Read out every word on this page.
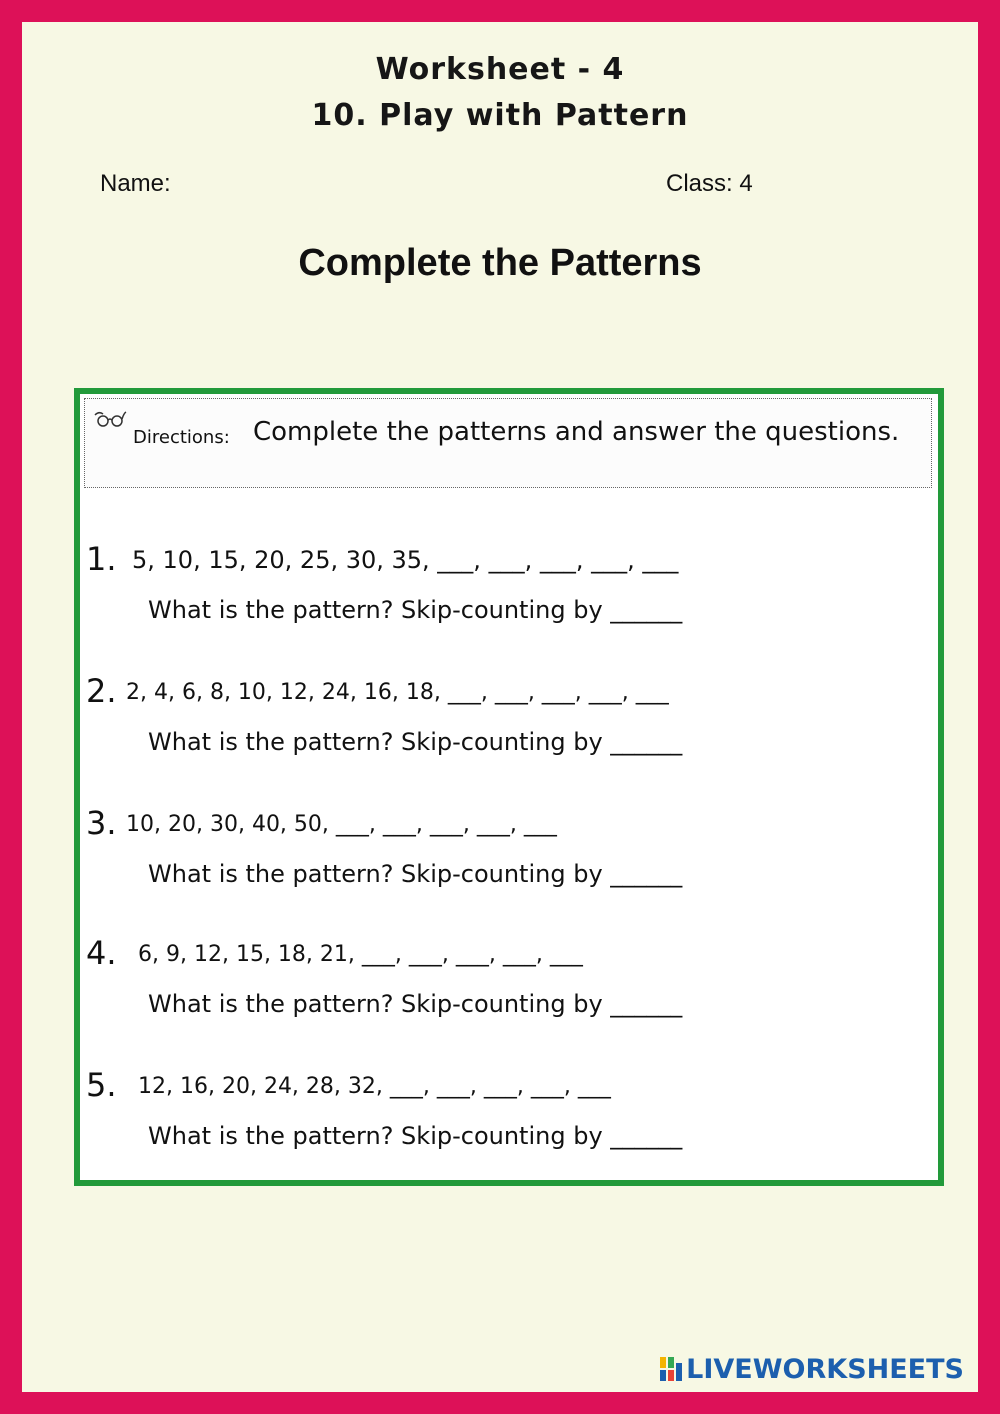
Worksheet - 4
10. Play with Pattern
Name:	Class: 4
Complete the Patterns
Directions: Complete the patterns and answer the questions.
1. 5, 10, 15, 20, 25, 30, 35, ___, ___, ___, ___, ___
What is the pattern? Skip-counting by ______
2. 2, 4, 6, 8, 10, 12, 24, 16, 18, ___, ___, ___, ___, ___
What is the pattern? Skip-counting by ______
3. 10, 20, 30, 40, 50, ___, ___, ___, ___, ___
What is the pattern? Skip-counting by ______
4. 6, 9, 12, 15, 18, 21, ___, ___, ___, ___, ___
What is the pattern? Skip-counting by ______
5. 12, 16, 20, 24, 28, 32, ___, ___, ___, ___, ___
What is the pattern? Skip-counting by ______
LIVEWORKSHEETS
